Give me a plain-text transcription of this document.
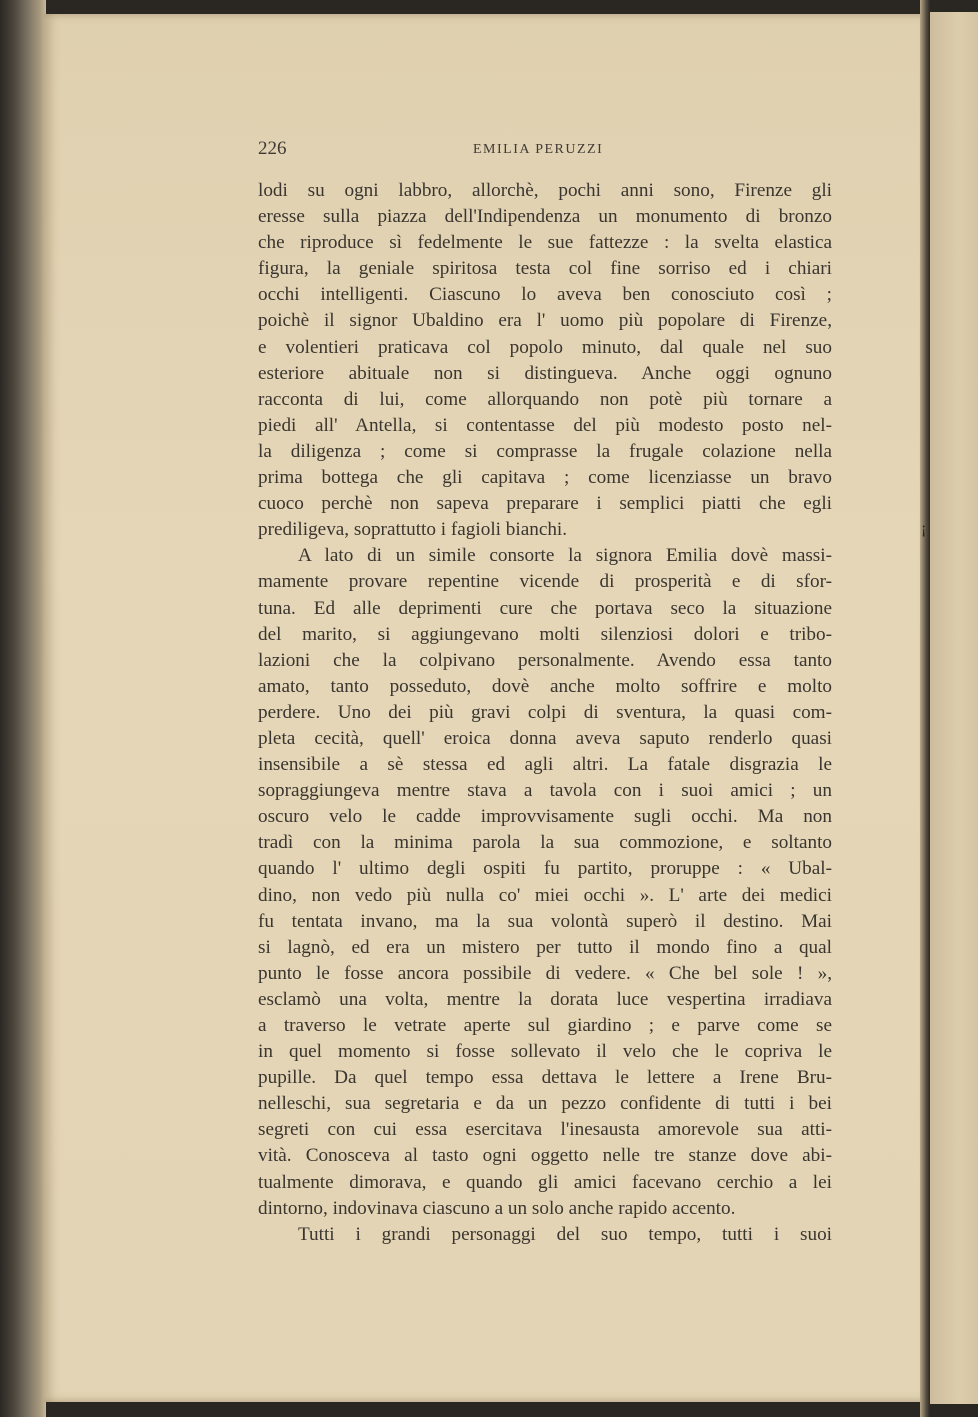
226	EMILIA PERUZZI
lodi su ogni labbro, allorchè, pochi anni sono, Firenze gli
eresse sulla piazza dell'Indipendenza un monumento di bronzo
che riproduce sì fedelmente le sue fattezze : la svelta elastica
figura, la geniale spiritosa testa col fine sorriso ed i chiari
occhi intelligenti. Ciascuno lo aveva ben conosciuto così ;
poichè il signor Ubaldino era l' uomo più popolare di Firenze,
e volentieri praticava col popolo minuto, dal quale nel suo
esteriore abituale non si distingueva. Anche oggi ognuno
racconta di lui, come allorquando non potè più tornare a
piedi all' Antella, si contentasse del più modesto posto nel-
la diligenza ; come si comprasse la frugale colazione nella
prima bottega che gli capitava ; come licenziasse un bravo
cuoco perchè non sapeva preparare i semplici piatti che egli
prediligeva, soprattutto i fagioli bianchi.
A lato di un simile consorte la signora Emilia dovè massi-
mamente provare repentine vicende di prosperità e di sfor-
tuna. Ed alle deprimenti cure che portava seco la situazione
del marito, si aggiungevano molti silenziosi dolori e tribo-
lazioni che la colpivano personalmente. Avendo essa tanto
amato, tanto posseduto, dovè anche molto soffrire e molto
perdere. Uno dei più gravi colpi di sventura, la quasi com-
pleta cecità, quell' eroica donna aveva saputo renderlo quasi
insensibile a sè stessa ed agli altri. La fatale disgrazia le
sopraggiungeva mentre stava a tavola con i suoi amici ; un
oscuro velo le cadde improvvisamente sugli occhi. Ma non
tradì con la minima parola la sua commozione, e soltanto
quando l' ultimo degli ospiti fu partito, proruppe : « Ubal-
dino, non vedo più nulla co' miei occhi ». L' arte dei medici
fu tentata invano, ma la sua volontà superò il destino. Mai
si lagnò, ed era un mistero per tutto il mondo fino a qual
punto le fosse ancora possibile di vedere. « Che bel sole ! »,
esclamò una volta, mentre la dorata luce vespertina irradiava
a traverso le vetrate aperte sul giardino ; e parve come se
in quel momento si fosse sollevato il velo che le copriva le
pupille. Da quel tempo essa dettava le lettere a Irene Bru-
nelleschi, sua segretaria e da un pezzo confidente di tutti i bei
segreti con cui essa esercitava l'inesausta amorevole sua atti-
vità. Conosceva al tasto ogni oggetto nelle tre stanze dove abi-
tualmente dimorava, e quando gli amici facevano cerchio a lei
dintorno, indovinava ciascuno a un solo anche rapido accento.
Tutti i grandi personaggi del suo tempo, tutti i suoi
¡
